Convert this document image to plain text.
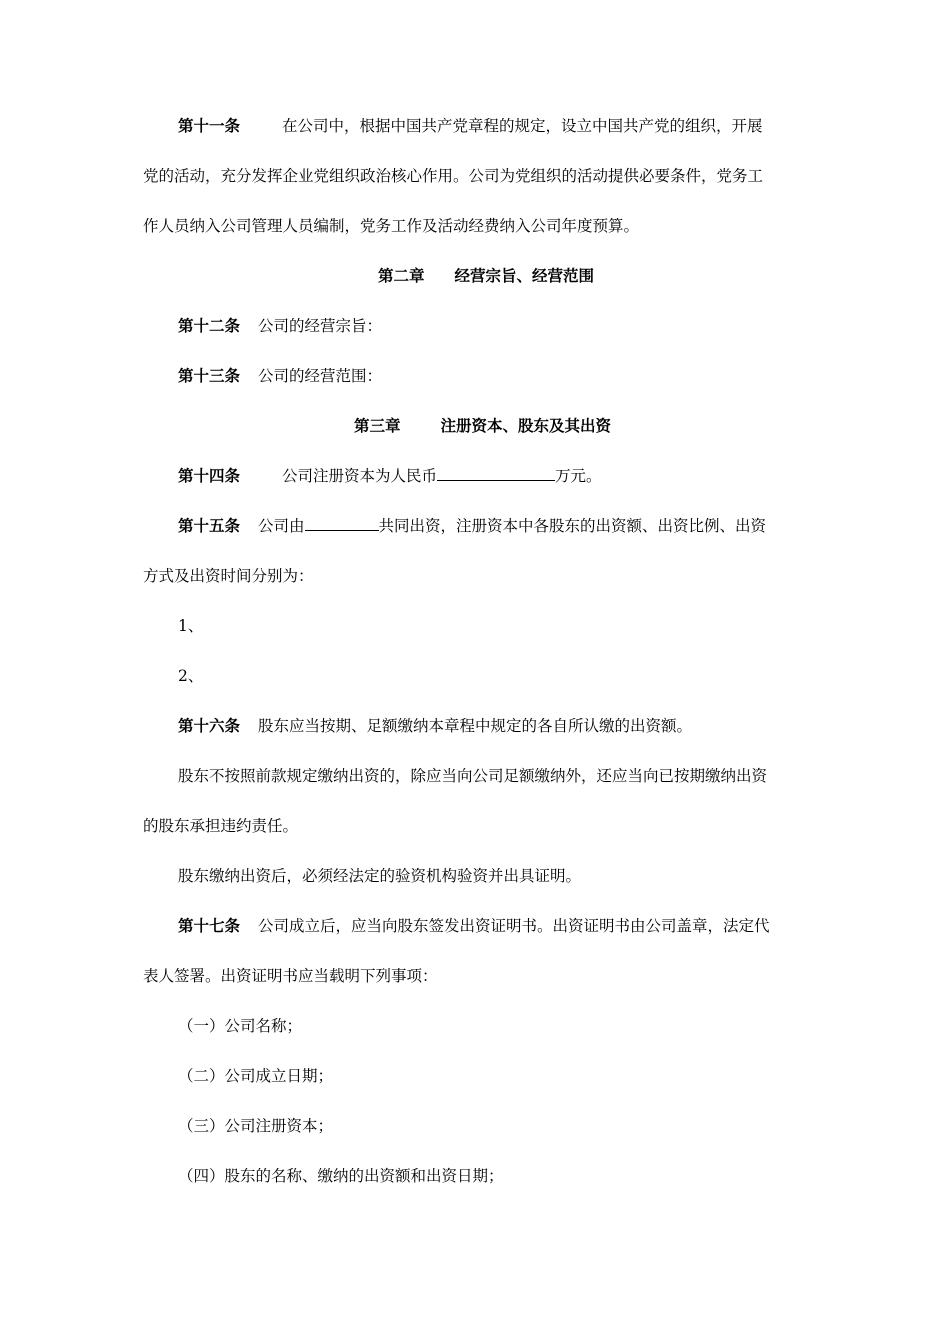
第十一条	在公司中，根据中国共产党章程的规定，设立中国共产党的组织，开展
党的活动，充分发挥企业党组织政治核心作用。公司为党组织的活动提供必要条件，党务工
作人员纳入公司管理人员编制，党务工作及活动经费纳入公司年度预算。
第二章 经营宗旨、经营范围
第十二条 公司的经营宗旨：
第十三条 公司的经营范围：
第三章	注册资本、股东及其出资
第十四条	公司注册资本为人民币	万元。
第十五条 公司由	共同出资，注册资本中各股东的出资额、出资比例、出资
方式及出资时间分别为：
1、
2、
第十六条 股东应当按期、足额缴纳本章程中规定的各自所认缴的出资额。
股东不按照前款规定缴纳出资的，除应当向公司足额缴纳外，还应当向已按期缴纳出资
的股东承担违约责任。
股东缴纳出资后，必须经法定的验资机构验资并出具证明。
第十七条 公司成立后，应当向股东签发出资证明书。出资证明书由公司盖章，法定代
表人签署。出资证明书应当载明下列事项：
（一）公司名称；
（二）公司成立日期；
（三）公司注册资本；
（四）股东的名称、缴纳的出资额和出资日期；
